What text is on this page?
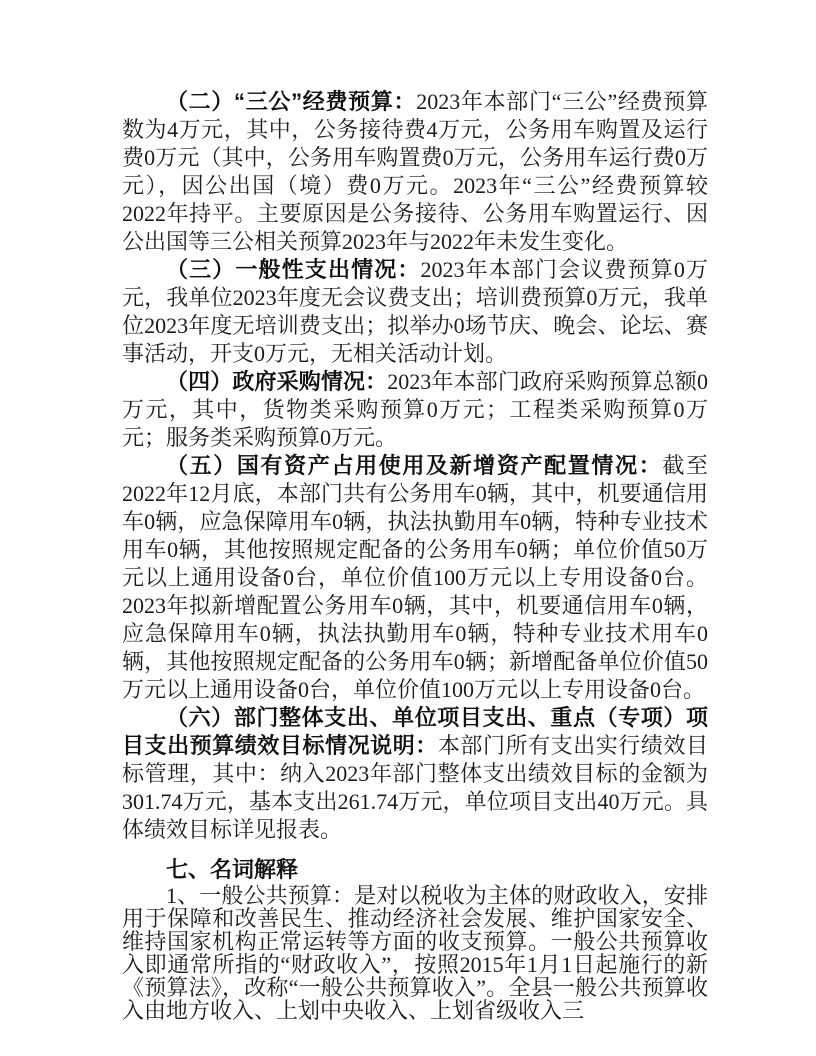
（二）“三公”经费预算：2023年本部门“三公”经费预算数为4万元，其中，公务接待费4万元，公务用车购置及运行费0万元（其中，公务用车购置费0万元，公务用车运行费0万元），因公出国（境）费0万元。2023年“三公”经费预算较2022年持平。主要原因是公务接待、公务用车购置运行、因公出国等三公相关预算2023年与2022年未发生变化。

（三）一般性支出情况：2023年本部门会议费预算0万元，我单位2023年度无会议费支出；培训费预算0万元，我单位2023年度无培训费支出；拟举办0场节庆、晚会、论坛、赛事活动，开支0万元，无相关活动计划。

（四）政府采购情况：2023年本部门政府采购预算总额0万元，其中，货物类采购预算0万元；工程类采购预算0万元；服务类采购预算0万元。

（五）国有资产占用使用及新增资产配置情况：截至2022年12月底，本部门共有公务用车0辆，其中，机要通信用车0辆，应急保障用车0辆，执法执勤用车0辆，特种专业技术用车0辆，其他按照规定配备的公务用车0辆；单位价值50万元以上通用设备0台，单位价值100万元以上专用设备0台。2023年拟新增配置公务用车0辆，其中，机要通信用车0辆，应急保障用车0辆，执法执勤用车0辆，特种专业技术用车0辆，其他按照规定配备的公务用车0辆；新增配备单位价值50万元以上通用设备0台，单位价值100万元以上专用设备0台。

（六）部门整体支出、单位项目支出、重点（专项）项目支出预算绩效目标情况说明：本部门所有支出实行绩效目标管理，其中：纳入2023年部门整体支出绩效目标的金额为301.74万元，基本支出261.74万元，单位项目支出40万元。具体绩效目标详见报表。

七、名词解释

1、一般公共预算：是对以税收为主体的财政收入，安排用于保障和改善民生、推动经济社会发展、维护国家安全、维持国家机构正常运转等方面的收支预算。一般公共预算收入即通常所指的“财政收入”，按照2015年1月1日起施行的新《预算法》，改称“一般公共预算收入”。全县一般公共预算收入由地方收入、上划中央收入、上划省级收入三
